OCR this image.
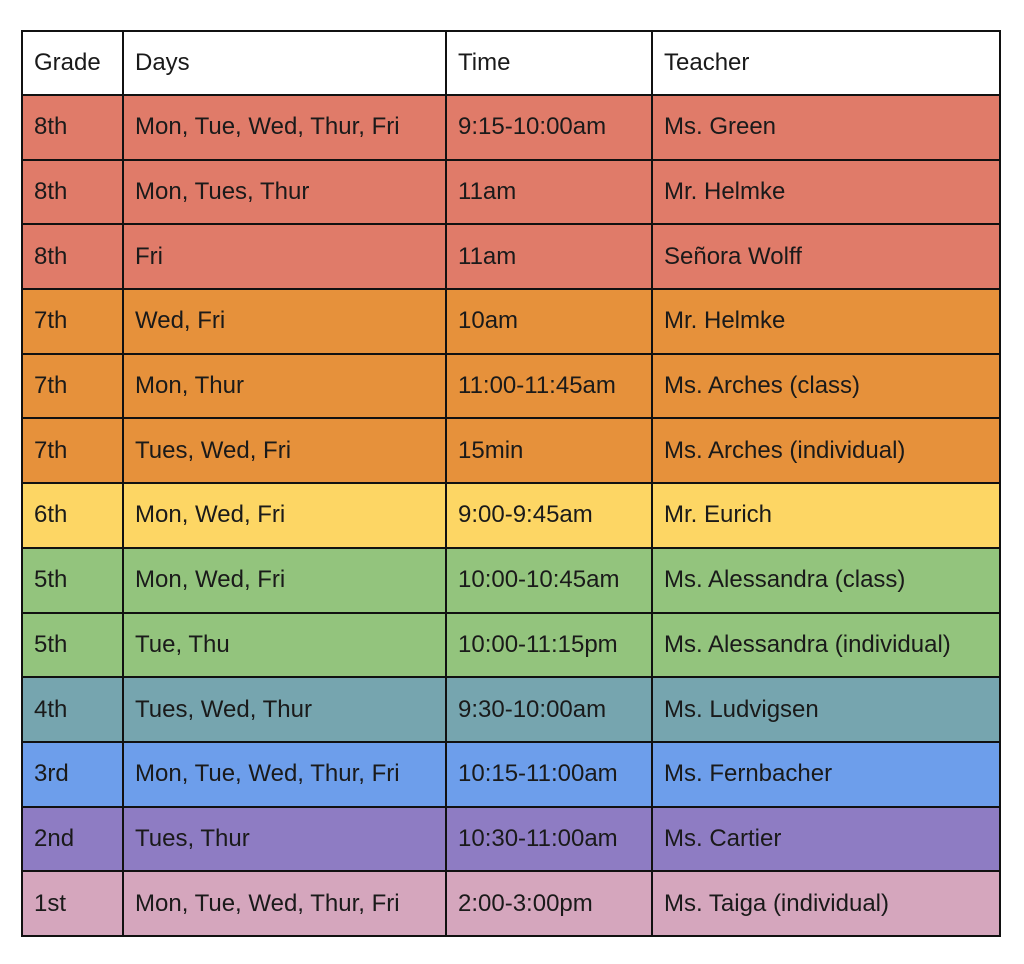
Grade	Days	Time	Teacher
8th	Mon, Tue, Wed, Thur, Fri	9:15-10:00am	Ms. Green
8th	Mon, Tues, Thur	11am	Mr. Helmke
8th	Fri	11am	Señora Wolff
7th	Wed, Fri	10am	Mr. Helmke
7th	Mon, Thur	11:00-11:45am	Ms. Arches (class)
7th	Tues, Wed, Fri	15min	Ms. Arches (individual)
6th	Mon, Wed, Fri	9:00-9:45am	Mr. Eurich
5th	Mon, Wed, Fri	10:00-10:45am	Ms. Alessandra (class)
5th	Tue, Thu	10:00-11:15pm	Ms. Alessandra (individual)
4th	Tues, Wed, Thur	9:30-10:00am	Ms. Ludvigsen
3rd	Mon, Tue, Wed, Thur, Fri	10:15-11:00am	Ms. Fernbacher
2nd	Tues, Thur	10:30-11:00am	Ms. Cartier
1st	Mon, Tue, Wed, Thur, Fri	2:00-3:00pm	Ms. Taiga (individual)
